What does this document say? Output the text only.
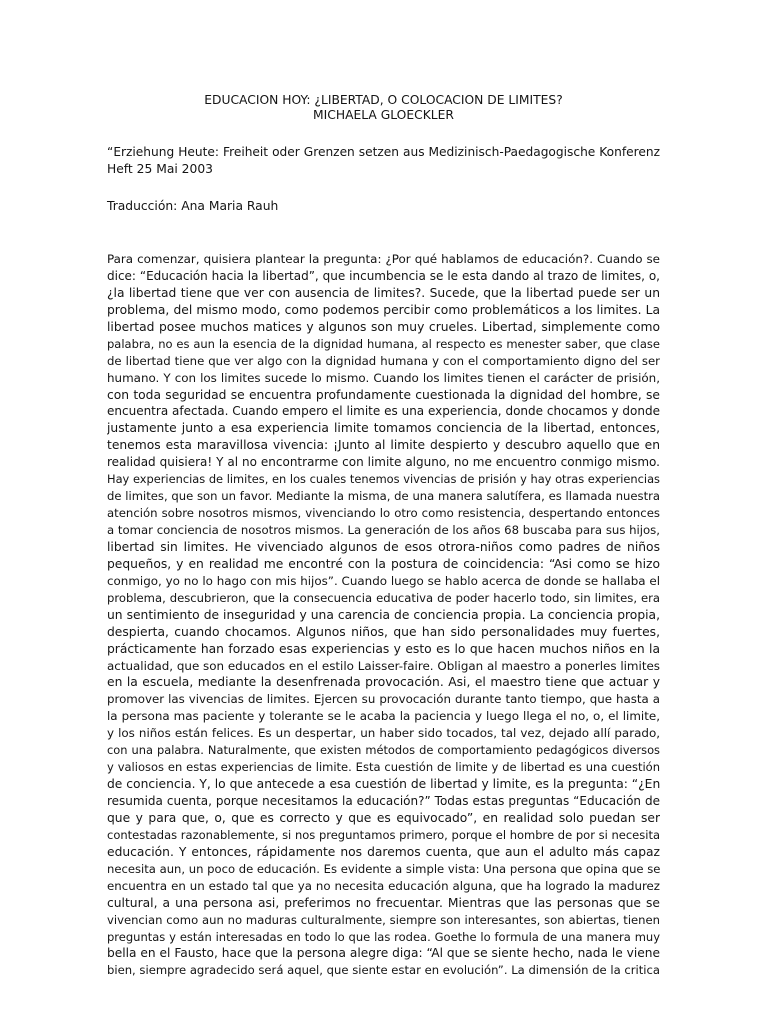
EDUCACION HOY: ¿LIBERTAD, O COLOCACION DE LIMITES?

MICHAELA GLOECKLER

“Erziehung Heute: Freiheit oder Grenzen setzen aus Medizinisch-Paedagogische Konferenz
Heft 25 Mai 2003

Traducción: Ana Maria Rauh

Para comenzar, quisiera plantear la pregunta: ¿Por qué hablamos de educación?. Cuando se
dice: “Educación hacia la libertad”, que incumbencia se le esta dando al trazo de limites, o,
¿la libertad tiene que ver con ausencia de limites?. Sucede, que la libertad puede ser un
problema, del mismo modo, como podemos percibir como problemáticos a los limites. La
libertad posee muchos matices y algunos son muy crueles. Libertad, simplemente como
palabra, no es aun la esencia de la dignidad humana, al respecto es menester saber, que clase
de libertad tiene que ver algo con la dignidad humana y con el comportamiento digno del ser
humano. Y con los limites sucede lo mismo. Cuando los limites tienen el carácter de prisión,
con toda seguridad se encuentra profundamente cuestionada la dignidad del hombre, se
encuentra afectada. Cuando empero el limite es una experiencia, donde chocamos y donde
justamente junto a esa experiencia limite tomamos conciencia de la libertad, entonces,
tenemos esta maravillosa vivencia: ¡Junto al limite despierto y descubro aquello que en
realidad quisiera! Y al no encontrarme con limite alguno, no me encuentro conmigo mismo.
Hay experiencias de limites, en los cuales tenemos vivencias de prisión y hay otras experiencias
de limites, que son un favor. Mediante la misma, de una manera salutífera, es llamada nuestra
atención sobre nosotros mismos, vivenciando lo otro como resistencia, despertando entonces
a tomar conciencia de nosotros mismos. La generación de los años 68 buscaba para sus hijos,
libertad sin limites. He vivenciado algunos de esos otrora-niños como padres de niños
pequeños, y en realidad me encontré con la postura de coincidencia: “Asi como se hizo
conmigo, yo no lo hago con mis hijos”. Cuando luego se hablo acerca de donde se hallaba el
problema, descubrieron, que la consecuencia educativa de poder hacerlo todo, sin limites, era
un sentimiento de inseguridad y una carencia de conciencia propia. La conciencia propia,
despierta, cuando chocamos. Algunos niños, que han sido personalidades muy fuertes,
prácticamente han forzado esas experiencias y esto es lo que hacen muchos niños en la
actualidad, que son educados en el estilo Laisser-faire. Obligan al maestro a ponerles limites
en la escuela, mediante la desenfrenada provocación. Asi, el maestro tiene que actuar y
promover las vivencias de limites. Ejercen su provocación durante tanto tiempo, que hasta a
la persona mas paciente y tolerante se le acaba la paciencia y luego llega el no, o, el limite,
y los niños están felices. Es un despertar, un haber sido tocados, tal vez, dejado allí parado,
con una palabra. Naturalmente, que existen métodos de comportamiento pedagógicos diversos
y valiosos en estas experiencias de limite. Esta cuestión de limite y de libertad es una cuestión
de conciencia. Y, lo que antecede a esa cuestión de libertad y limite, es la pregunta: “¿En
resumida cuenta, porque necesitamos la educación?” Todas estas preguntas “Educación de
que y para que, o, que es correcto y que es equivocado”, en realidad solo puedan ser
contestadas razonablemente, si nos preguntamos primero, porque el hombre de por si necesita
educación. Y entonces, rápidamente nos daremos cuenta, que aun el adulto más capaz
necesita aun, un poco de educación. Es evidente a simple vista: Una persona que opina que se
encuentra en un estado tal que ya no necesita educación alguna, que ha logrado la madurez
cultural, a una persona asi, preferimos no frecuentar. Mientras que las personas que se
vivencian como aun no maduras culturalmente, siempre son interesantes, son abiertas, tienen
preguntas y están interesadas en todo lo que las rodea. Goethe lo formula de una manera muy
bella en el Fausto, hace que la persona alegre diga: “Al que se siente hecho, nada le viene
bien, siempre agradecido será aquel, que siente estar en evolución”. La dimensión de la critica
